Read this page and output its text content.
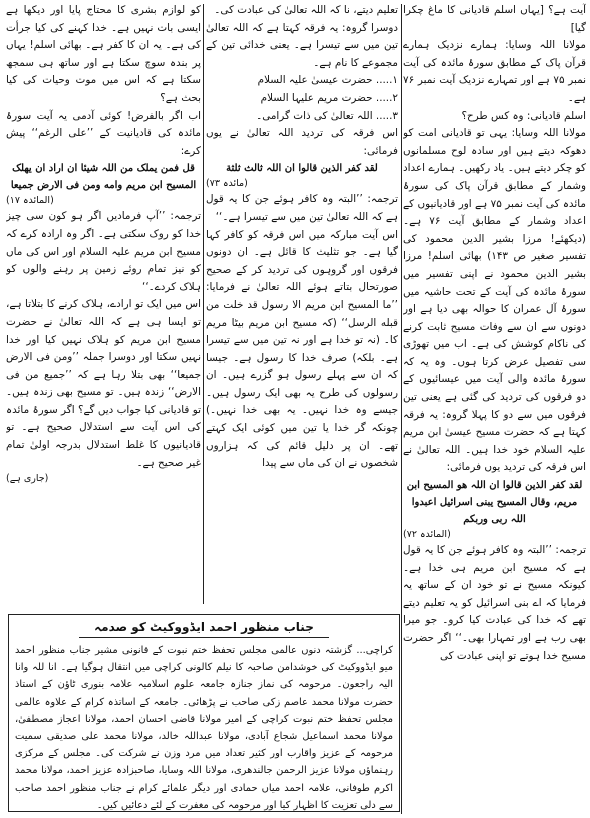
آیت ہے؟ [یہاں اسلم قادیانی کا ماغ چکرا گیا]

مولانا اللہ وسایا: ہمارے نزدیک ہمارے قرآن پاک کے مطابق سورۂ مائدہ کی آیت نمبر ۷۵ ہے اور تمہارے نزدیک آیت نمبر ۷۶ ہے۔

اسلم قادیانی: وہ کس طرح؟

مولانا اللہ وسایا: یہی تو قادیانی امت کو دھوکہ دیتے ہیں اور سادہ لوح مسلمانوں کو چکر دیتے ہیں۔ یاد رکھیں۔ ہمارے اعداد وشمار کے مطابق قرآن پاک کی سورۂ مائدہ کی آیت نمبر ۷۵ ہے اور قادیانیوں کے اعداد وشمار کے مطابق آیت ۷۶ ہے۔ (دیکھئے! مرزا بشیر الدین محمود کی تفسیر صغیر ص ۱۴۳) بھائی اسلم! مرزا بشیر الدین محمود نے اپنی تفسیر میں سورۂ مائدہ کی آیت کے تحت حاشیہ میں سورۂ آل عمران کا حوالہ بھی دیا ہے اور دونوں سے ان سے وفات مسیح ثابت کرنے کی ناکام کوشش کی ہے۔ اب میں تھوڑی سی تفصیل عرض کرتا ہوں۔ وہ یہ کہ سورۂ مائدہ والی آیت میں عیسائیوں کے دو فرقوں کی تردید کی گئی ہے یعنی تین فرقوں میں سے دو کا پہلا گروہ: یہ فرقہ کہتا ہے کہ حضرت مسیح عیسیٰ ابن مریم علیہ السلام خود خدا ہیں۔ اللہ تعالیٰ نے اس فرقہ کی تردید یوں فرمائی:

لقد کفر الذین قالوا ان اللہ هو المسیح ابن مریم، وقال المسیح یبنی اسرائیل اعبدوا اللہ ربی وربکم

(المائدہ ۷۲)

ترجمہ: ’’البتہ وہ کافر ہوئے جن کا یہ قول ہے کہ مسیح ابن مریم ہی خدا ہے۔ کیونکہ مسیح نے تو خود ان کے ساتھ یہ فرمایا کہ اے بنی اسرائیل کو یہ تعلیم دیتے تھے کہ خدا کی عبادت کیا کرو۔ جو میرا بھی رب ہے اور تمہارا بھی۔‘‘ اگر حضرت مسیح خدا ہوتے تو اپنی عبادت کی

تعلیم دیتے، نا کہ اللہ تعالیٰ کی عبادت کی۔

دوسرا گروہ: یہ فرقہ کہتا ہے کہ اللہ تعالیٰ تین میں سے تیسرا ہے۔ یعنی خدائی تین کے مجموعے کا نام ہے۔

۱..... حضرت عیسیٰ علیہ السلام

۲..... حضرت مریم علیہا السلام

۳..... اللہ تعالیٰ کی ذات گرامی۔

اس فرقہ کی تردید اللہ تعالیٰ نے یوں فرمائی:

لقد کفر الذین قالوا ان اللہ ثالث ثلثة

(مائدہ ۷۳)

ترجمہ: ’’البتہ وہ کافر ہوئے جن کا یہ قول ہے کہ اللہ تعالیٰ تین میں سے تیسرا ہے۔‘‘

اس آیت مبارکہ میں اس فرقہ کو کافر کہا گیا ہے۔ جو تثلیث کا قائل ہے۔ ان دونوں فرقوں اور گروہوں کی تردید کر کے صحیح صورتحال بتاتے ہوئے اللہ تعالیٰ نے فرمایا: ’’ما المسیح ابن مریم الا رسول قد خلت من قبله الرسل‘‘ (کہ مسیح ابن مریم بیٹا مریم کا۔ (نہ تو خدا ہے اور نہ تین میں سے تیسرا ہے۔ بلکہ) صرف خدا کا رسول ہے۔ جیسا کہ ان سے پہلے رسول ہو گزرے ہیں۔ ان رسولوں کی طرح یہ بھی ایک رسول ہیں۔ جیسے وہ خدا نہیں۔ یہ بھی خدا نہیں۔) چونکہ گر خدا یا تین میں کوئی ایک کہتے تھے۔ ان پر دلیل قائم کی کہ ہزاروں شخصوں نے ان کی ماں سے پیدا

کو لوازم بشری کا محتاج پایا اور دیکھا ہے ایسی بات نہیں ہے۔ خدا کہنے کی کیا جرأت کی ہے۔ یہ ان کا کفر ہے۔ بھائی اسلم! یہاں پر بندہ سوچ سکتا ہے اور ساتھ ہی سمجھ سکتا ہے کہ اس میں موت وحیات کی کیا بحث ہے؟

اب اگر بالفرض! کوئی آدمی یہ آیت سورۂ مائدہ کی قادیانیت کے ’’علی الرغم‘‘ پیش کرے:

قل فمن یملک من اللہ شیئا ان اراد ان یهلک المسیح ابن مریم وامه ومن فی الارض جمیعا

(المائدہ ۱۷)

ترجمہ: ’’آپ فرمادیں اگر ہو کون سی چیز خدا کو روک سکتی ہے۔ اگر وہ ارادہ کرے کہ مسیح ابن مریم علیہ السلام اور اس کی ماں کو نیز تمام روئے زمین پر رہنے والوں کو ہلاک کردے۔‘‘

اس میں ایک تو ارادے، ہلاک کرنے کا بتلاتا ہے، تو ایسا ہی ہے کہ اللہ تعالیٰ نے حضرت مسیح ابن مریم کو ہلاک نہیں کیا اور خدا نہیں سکتا اور دوسرا جملہ ’’ومن فی الارض جمیعا‘‘ بھی بتلا رہا ہے کہ ’’جمیع من فی الارض‘‘ زندہ ہیں۔ تو مسیح بھی زندہ ہیں۔ تو قادیانی کیا جواب دیں گے؟ اگر سورۂ مائدہ کی اس آیت سے استدلال صحیح ہے۔ تو قادیانیوں کا غلط استدلال بدرجہ اولیٰ تمام غیر صحیح ہے۔

(جاری ہے)

جناب منظور احمد ایڈووکیٹ کو صدمہ

کراچی... گزشتہ دنوں عالمی مجلس تحفظ ختم نبوت کے قانونی مشیر جناب منظور احمد میو ایڈووکیٹ کی خوشدامن صاحبہ کا نیلم کالونی کراچی میں انتقال ہوگیا ہے۔ انا للہ وانا الیہ راجعون۔ مرحومہ کی نماز جنازہ جامعہ علوم اسلامیہ علامہ بنوری ٹاؤن کے استاذ حضرت مولانا محمد عاصم زکی صاحب نے پڑھائی۔ جامعہ کے اساتذہ کرام کے علاوہ عالمی مجلس تحفظ ختم نبوت کراچی کے امیر مولانا قاضی احسان احمد، مولانا اعجاز مصطفیٰ، مولانا محمد اسماعیل شجاع آبادی، مولانا عبداللہ خالد، مولانا محمد علی صدیقی سمیت مرحومہ کے عزیز واقارب اور کثیر تعداد میں مرد وزن نے شرکت کی۔ مجلس کے مرکزی رہنماؤں مولانا عزیز الرحمن جالندھری، مولانا اللہ وسایا، صاحبزادہ عزیز احمد، مولانا محمد اکرم طوفانی، علامہ احمد میاں حمادی اور دیگر علمائے کرام نے جناب منظور احمد صاحب سے دلی تعزیت کا اظہار کیا اور مرحومہ کی مغفرت کے لئے دعائیں کیں۔
